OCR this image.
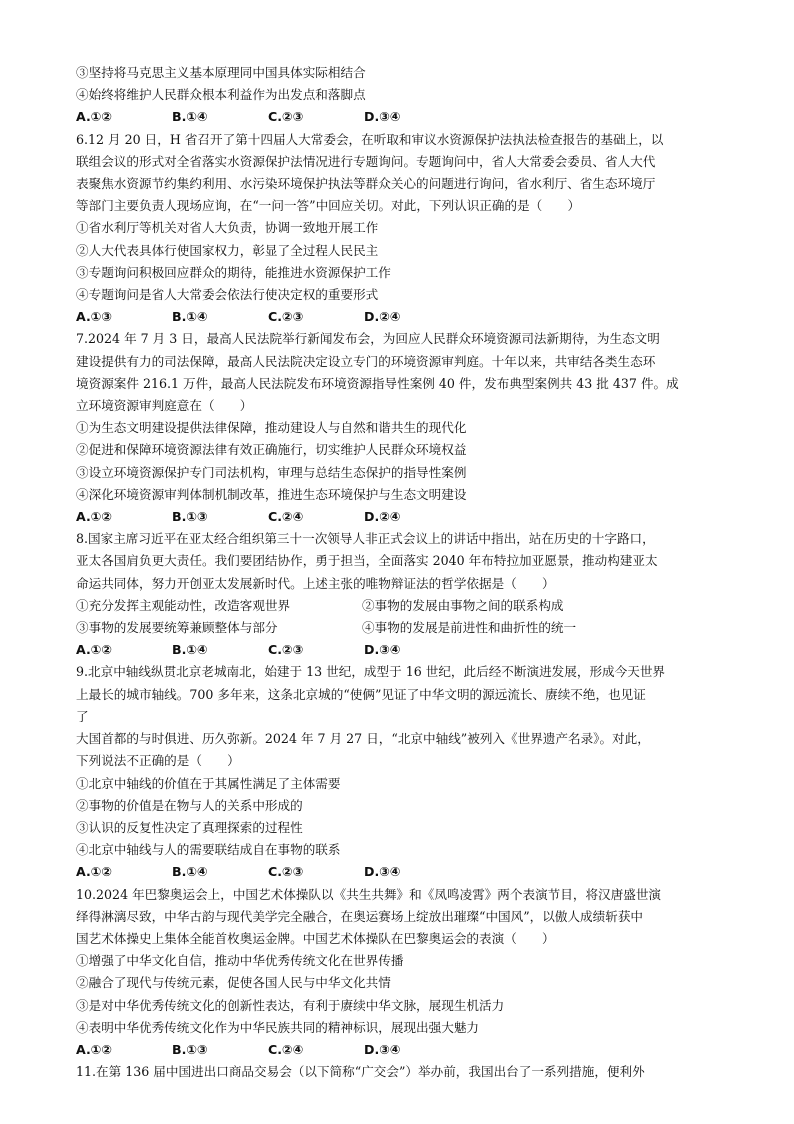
③坚持将马克思主义基本原理同中国具体实际相结合
④始终将维护人民群众根本利益作为出发点和落脚点
A.①②	B.①④	C.②③	D.③④
6.12 月 20 日，H 省召开了第十四届人大常委会，在听取和审议水资源保护法执法检查报告的基础上，以
联组会议的形式对全省落实水资源保护法情况进行专题询问。专题询问中，省人大常委会委员、省人大代
表聚焦水资源节约集约利用、水污染环境保护执法等群众关心的问题进行询问，省水利厅、省生态环境厅
等部门主要负责人现场应询，在“一问一答”中回应关切。对此，下列认识正确的是（　　）
①省水利厅等机关对省人大负责，协调一致地开展工作
②人大代表具体行使国家权力，彰显了全过程人民民主
③专题询问积极回应群众的期待，能推进水资源保护工作
④专题询问是省人大常委会依法行使决定权的重要形式
A.①③	B.①④	C.②③	D.②④
7.2024 年 7 月 3 日，最高人民法院举行新闻发布会，为回应人民群众环境资源司法新期待，为生态文明
建设提供有力的司法保障，最高人民法院决定设立专门的环境资源审判庭。十年以来，共审结各类生态环
境资源案件 216.1 万件，最高人民法院发布环境资源指导性案例 40 件，发布典型案例共 43 批 437 件。成
立环境资源审判庭意在（　　）
①为生态文明建设提供法律保障，推动建设人与自然和谐共生的现代化
②促进和保障环境资源法律有效正确施行，切实维护人民群众环境权益
③设立环境资源保护专门司法机构，审理与总结生态保护的指导性案例
④深化环境资源审判体制机制改革，推进生态环境保护与生态文明建设
A.①②	B.①③	C.②④	D.②④
8.国家主席习近平在亚太经合组织第三十一次领导人非正式会议上的讲话中指出，站在历史的十字路口，
亚太各国肩负更大责任。我们要团结协作，勇于担当，全面落实 2040 年布特拉加亚愿景，推动构建亚太
命运共同体，努力开创亚太发展新时代。上述主张的唯物辩证法的哲学依据是（　　）
①充分发挥主观能动性，改造客观世界	②事物的发展由事物之间的联系构成
③事物的发展要统筹兼顾整体与部分	④事物的发展是前进性和曲折性的统一
A.①②	B.①④	C.②③	D.③④
9.北京中轴线纵贯北京老城南北，始建于 13 世纪，成型于 16 世纪，此后经不断演进发展，形成今天世界
上最长的城市轴线。700 多年来，这条北京城的“使俩”见证了中华文明的源远流长、赓续不绝，也见证
了
大国首都的与时俱进、历久弥新。2024 年 7 月 27 日，“北京中轴线”被列入《世界遗产名录》。对此，
下列说法不正确的是（　　）
①北京中轴线的价值在于其属性满足了主体需要
②事物的价值是在物与人的关系中形成的
③认识的反复性决定了真理探索的过程性
④北京中轴线与人的需要联结成自在事物的联系
A.①②	B.①④	C.②③	D.③④
10.2024 年巴黎奥运会上，中国艺术体操队以《共生共舞》和《凤鸣凌霄》两个表演节目，将汉唐盛世演
绎得淋漓尽致，中华古韵与现代美学完全融合，在奥运赛场上绽放出璀璨“中国风”，以傲人成绩斩获中
国艺术体操史上集体全能首枚奥运金牌。中国艺术体操队在巴黎奥运会的表演（　　）
①增强了中华文化自信，推动中华优秀传统文化在世界传播
②融合了现代与传统元素，促使各国人民与中华文化共情
③是对中华优秀传统文化的创新性表达，有利于赓续中华文脉，展现生机活力
④表明中华优秀传统文化作为中华民族共同的精神标识，展现出强大魅力
A.①②	B.①③	C.②④	D.③④
11.在第 136 届中国进出口商品交易会（以下简称“广交会”）举办前，我国出台了一系列措施，便利外
